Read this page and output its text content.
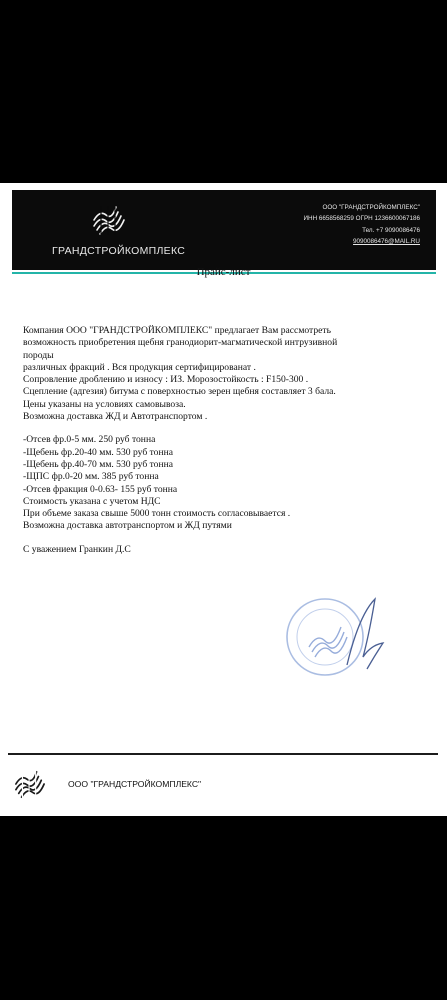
ГРАНДСТРОЙКОМПЛЕКС
ООО "ГРАНДСТРОЙКОМПЛЕКС"
ИНН 6658568259 ОГРН 1236600067186
Тел. +7 9090086476
9090086476@MAIL.RU
Прайс-лист
Компания ООО "ГРАНДСТРОЙКОМПЛЕКС" предлагает Вам рассмотреть
возможность приобретения щебня гранодиорит-магматической интрузивной
породы
различных фракций . Вся продукция сертифицированат .
Сопровление дроблению и износу : ИЗ. Морозостойкость : F150-300 .
Сцепление (адгезия) битума с поверхностью зерен щебня составляет 3 бала.
Цены указаны на условиях самовывоза.
Возможна доставка ЖД и Автотранспортом .
-Отсев фр.0-5 мм. 250 руб тонна
-Щебень фр.20-40 мм. 530 руб тонна
-Щебень фр.40-70 мм. 530 руб тонна
-ЩПС фр.0-20 мм. 385 руб тонна
-Отсев фракция 0-0.63- 155 руб тонна
Стоимость указана с учетом НДС
При объеме заказа свыше 5000 тонн стоимость согласовывается .
Возможна доставка автотранспортом и ЖД путями
С уважением Гранкин Д.С
ООО "ГРАНДСТРОЙКОМПЛЕКС"
